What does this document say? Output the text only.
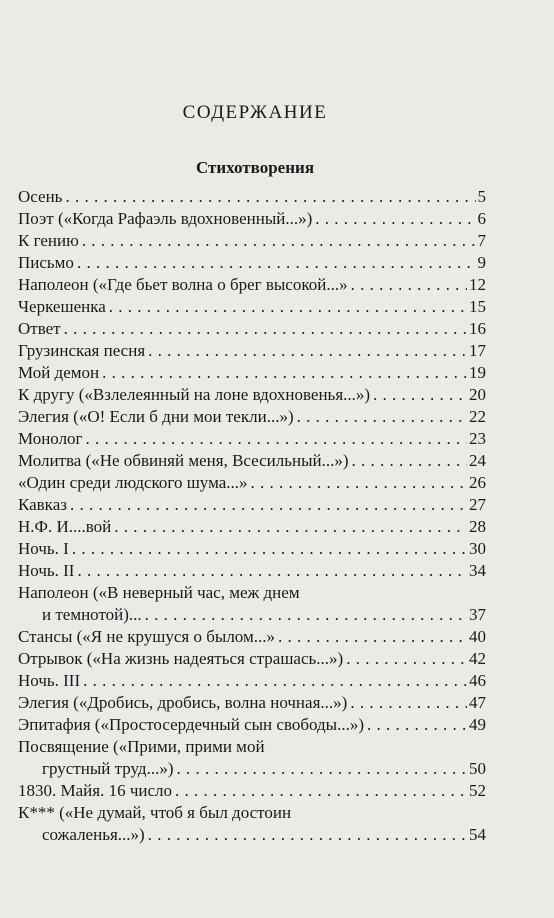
СОДЕРЖАНИЕ
Стихотворения
Осень . . .	5
Поэт («Когда Рафаэль вдохновенный...») . . .	6
К гению . . .	7
Письмо . . .	9
Наполеон («Где бьет волна о брег высокой...» . . .	12
Черкешенка . . .	15
Ответ . . .	16
Грузинская песня . . .	17
Мой демон . . .	19
К другу («Взлелеянный на лоне вдохновенья...») . . .	20
Элегия («О! Если б дни мои текли...») . . .	22
Монолог . . .	23
Молитва («Не обвиняй меня, Всесильный...») . . .	24
«Один среди людского шума...» . . .	26
Кавказ . . .	27
Н.Ф. И....вой . . .	28
Ночь. I . . .	30
Ночь. II . . .	34
Наполеон («В неверный час, меж днем
и темнотой)... . . .	37
Стансы («Я не крушуся о былом...» . . .	40
Отрывок («На жизнь надеяться страшась...») . . .	42
Ночь. III . . .	46
Элегия («Дробись, дробись, волна ночная...») . . .	47
Эпитафия («Простосердечный сын свободы...») . . .	49
Посвящение («Прими, прими мой
грустный труд...») . . .	50
1830. Майя. 16 число . . .	52
К*** («Не думай, чтоб я был достоин
сожаленья...») . . .	54
